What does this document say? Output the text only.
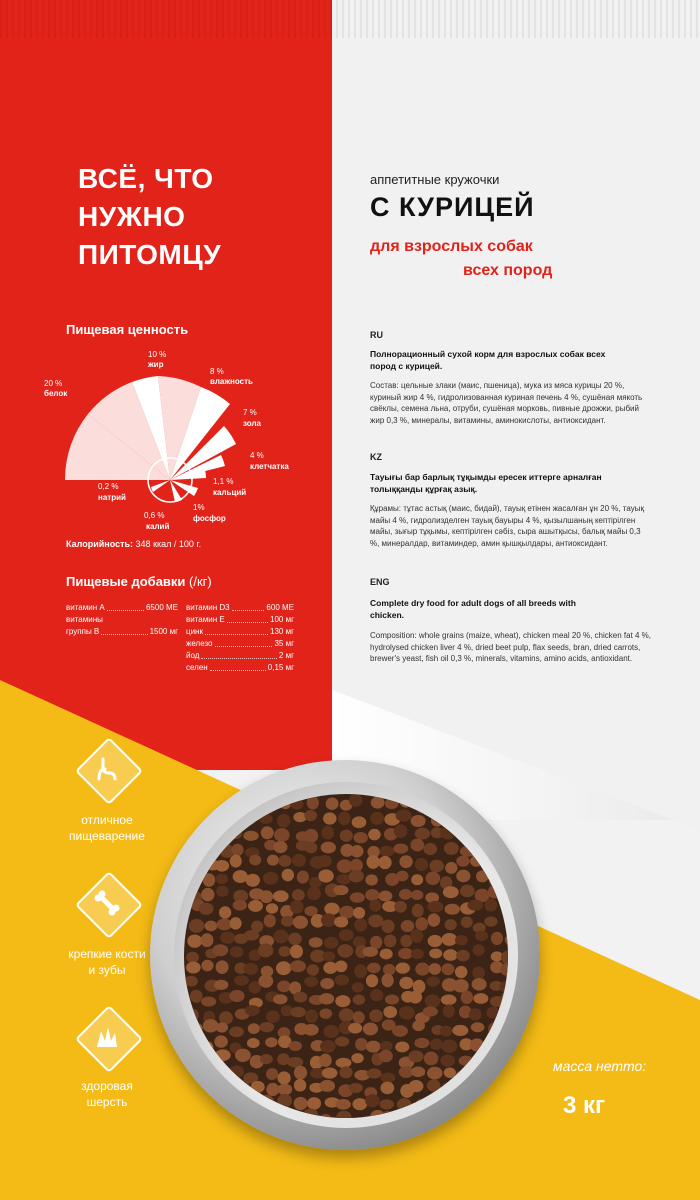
ВСЁ, ЧТО
НУЖНО
ПИТОМЦУ
Пищевая ценность
20 %
белок
10 %
жир
8 %
влажность
7 %
зола
4 %
клетчатка
1,1 %
кальций
1%
фосфор
0,6 %
калий
0,2 %
натрий
Калорийность: 348 ккал / 100 г.
Пищевые добавки (/кг)
витамин А	6500 МЕ
витамины
группы В	1500 мг
витамин D3	600 МЕ
витамин Е	100 мг
цинк	130 мг
железо	35 мг
йод	2 мг
селен	0,15 мг
отличное
пищеварение
крепкие кости
и зубы
здоровая
шерсть
аппетитные кружочки
С КУРИЦЕЙ
для взрослых собак
всех пород
RU
Полнорационный сухой корм для взрослых собак всех пород с курицей.
Состав: цельные злаки (маис, пшеница), мука из мяса курицы 20 %, куриный жир 4 %, гидролизованная куриная печень 4 %, сушёная мякоть свёклы, семена льна, отруби, сушёная морковь, пивные дрожжи, рыбий жир 0,3 %, минералы, витамины, аминокислоты, антиоксидант.
KZ
Тауығы бар барлық тұқымды ересек иттерге арналған толыққанды құрғақ азық.
Құрамы: тұтас астық (маис, бидай), тауық етінен жасалған ұн 20 %, тауық майы 4 %, гидролизделген тауық бауыры 4 %, қызылшаның кептірілген майы, зығыр тұқымы, кептірілген сәбіз, сыра ашытқысы, балық майы 0,3 %, минералдар, витаминдер, амин қышқылдары, антиоксидант.
ENG
Complete dry food for adult dogs of all breeds with chicken.
Composition: whole grains (maize, wheat), chicken meal 20 %, chicken fat 4 %, hydrolysed chicken liver 4 %, dried beet pulp, flax seeds, bran, dried carrots, brewer's yeast, fish oil 0,3 %, minerals, vitamins, amino acids, antioxidant.
масса нетто:
3 кг
